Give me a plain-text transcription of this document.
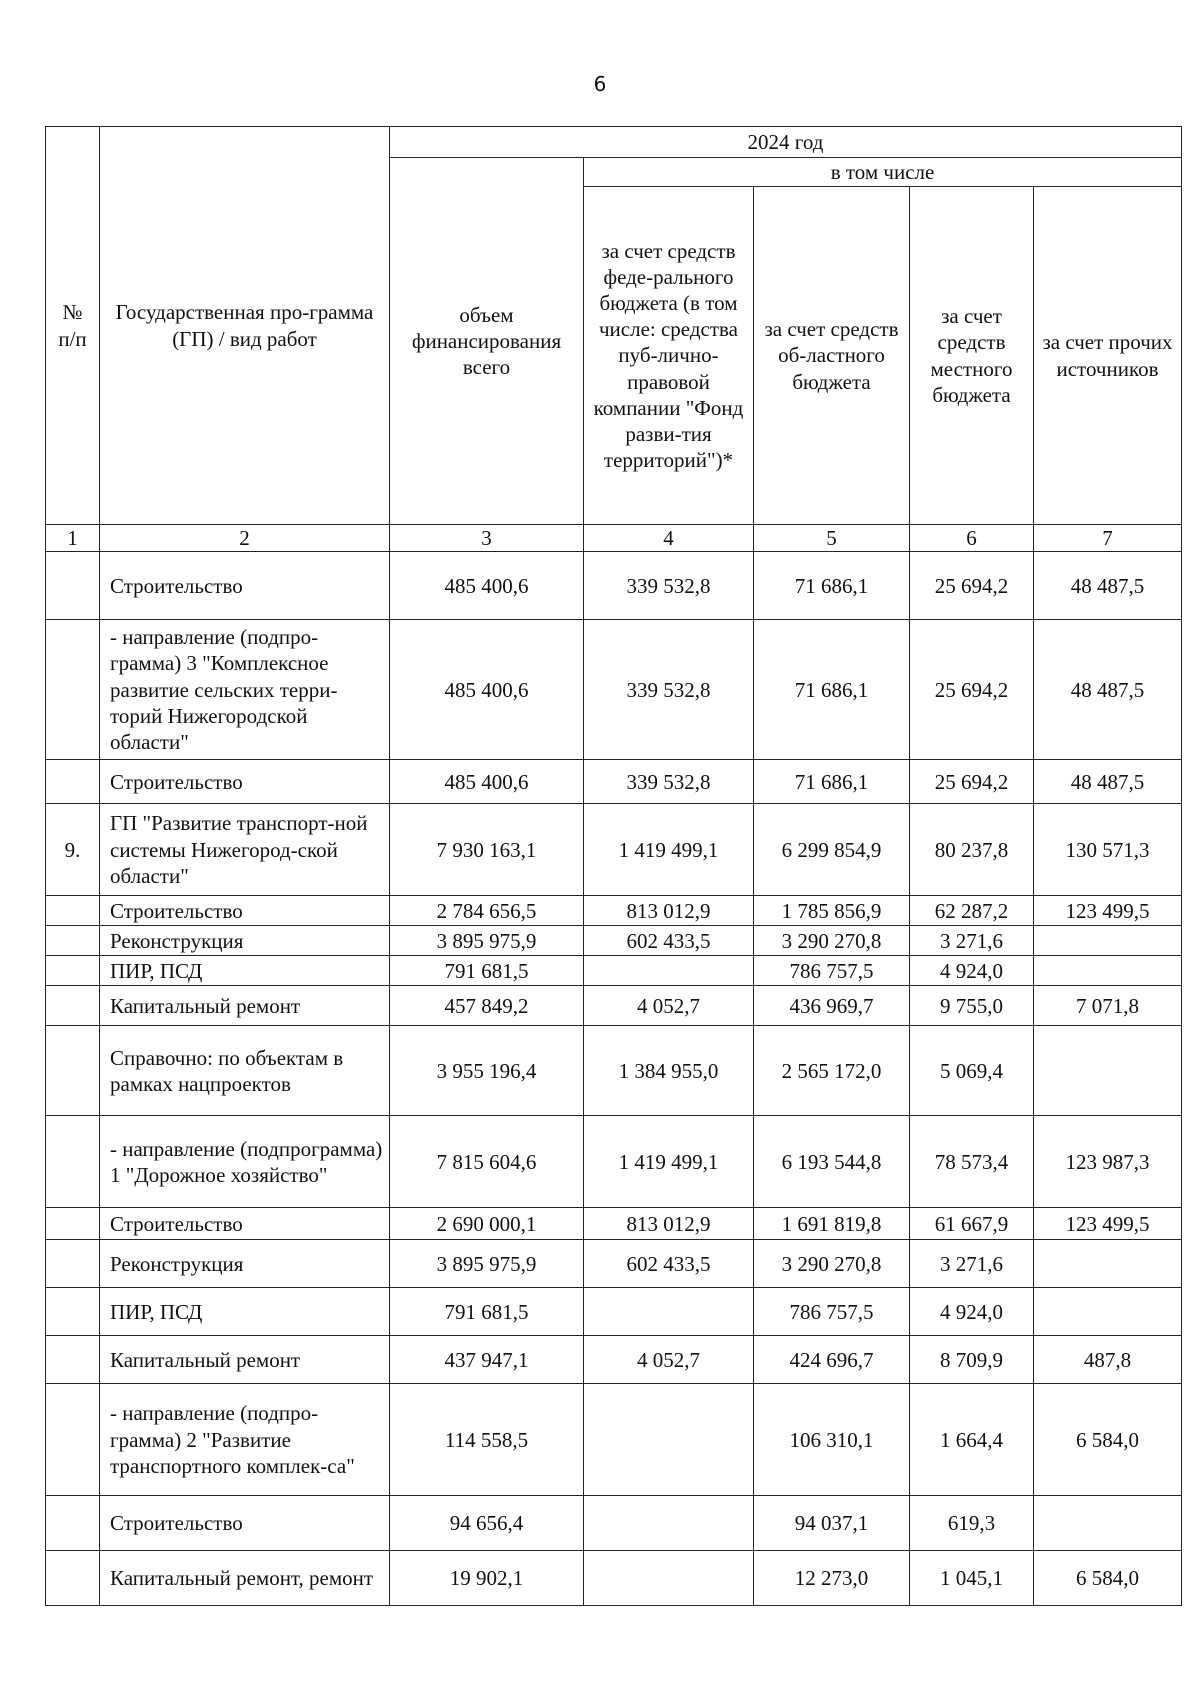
6
№ п/п	Государственная про-грамма (ГП) / вид работ	2024 год				
		объем финансирования всего	в том числе			
			за счет средств феде-рального бюджета (в том числе: средства пуб-лично-правовой компании "Фонд разви-тия территорий")*	за счет средств об-ластного бюджета	за счет средств местного бюджета	за счет прочих источников
1	2	3	4	5	6	7
	Строительство	485 400,6	339 532,8	71 686,1	25 694,2	48 487,5
	- направление (подпро-грамма) 3 "Комплексное развитие сельских терри-торий Нижегородской области"	485 400,6	339 532,8	71 686,1	25 694,2	48 487,5
	Строительство	485 400,6	339 532,8	71 686,1	25 694,2	48 487,5
9.	ГП "Развитие транспорт-ной системы Нижегород-ской области"	7 930 163,1	1 419 499,1	6 299 854,9	80 237,8	130 571,3
	Строительство	2 784 656,5	813 012,9	1 785 856,9	62 287,2	123 499,5
	Реконструкция	3 895 975,9	602 433,5	3 290 270,8	3 271,6	
	ПИР, ПСД	791 681,5		786 757,5	4 924,0	
	Капитальный ремонт	457 849,2	4 052,7	436 969,7	9 755,0	7 071,8
	Справочно: по объектам в рамках нацпроектов	3 955 196,4	1 384 955,0	2 565 172,0	5 069,4	
	- направление (подпрограмма) 1 "Дорожное хозяйство"	7 815 604,6	1 419 499,1	6 193 544,8	78 573,4	123 987,3
	Строительство	2 690 000,1	813 012,9	1 691 819,8	61 667,9	123 499,5
	Реконструкция	3 895 975,9	602 433,5	3 290 270,8	3 271,6	
	ПИР, ПСД	791 681,5		786 757,5	4 924,0	
	Капитальный ремонт	437 947,1	4 052,7	424 696,7	8 709,9	487,8
	- направление (подпро-грамма) 2 "Развитие транспортного комплек-са"	114 558,5		106 310,1	1 664,4	6 584,0
	Строительство	94 656,4		94 037,1	619,3	
	Капитальный ремонт, ремонт	19 902,1		12 273,0	1 045,1	6 584,0
